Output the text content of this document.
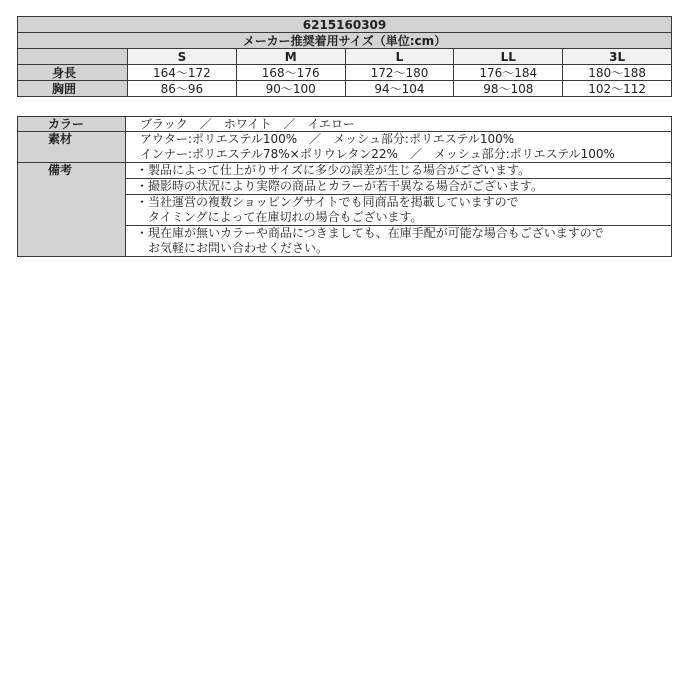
6215160309					
メーカー推奨着用サイズ（単位:cm）					
	S	M	L	LL	3L
身長	164〜172	168〜176	172〜180	176〜184	180〜188
胸囲	86〜96	90〜100	94〜104	98〜108	102〜112
カラー	ブラック　／　ホワイト　／　イエロー
素材	アウター:ポリエステル100%　／　メッシュ部分:ポリエステル100%
インナー:ポリエステル78%×ポリウレタン22%　／　メッシュ部分:ポリエステル100%

備考	・製品によって仕上がりサイズに多少の誤差が生じる場合がございます。

	・撮影時の状況により実際の商品とカラーが若干異なる場合がございます。

	・当社運営の複数ショッピングサイトでも同商品を掲載していますので
　タイミングによって在庫切れの場合もございます。

	・現在庫が無いカラーや商品につきましても、在庫手配が可能な場合もございますので
　お気軽にお問い合わせください。
